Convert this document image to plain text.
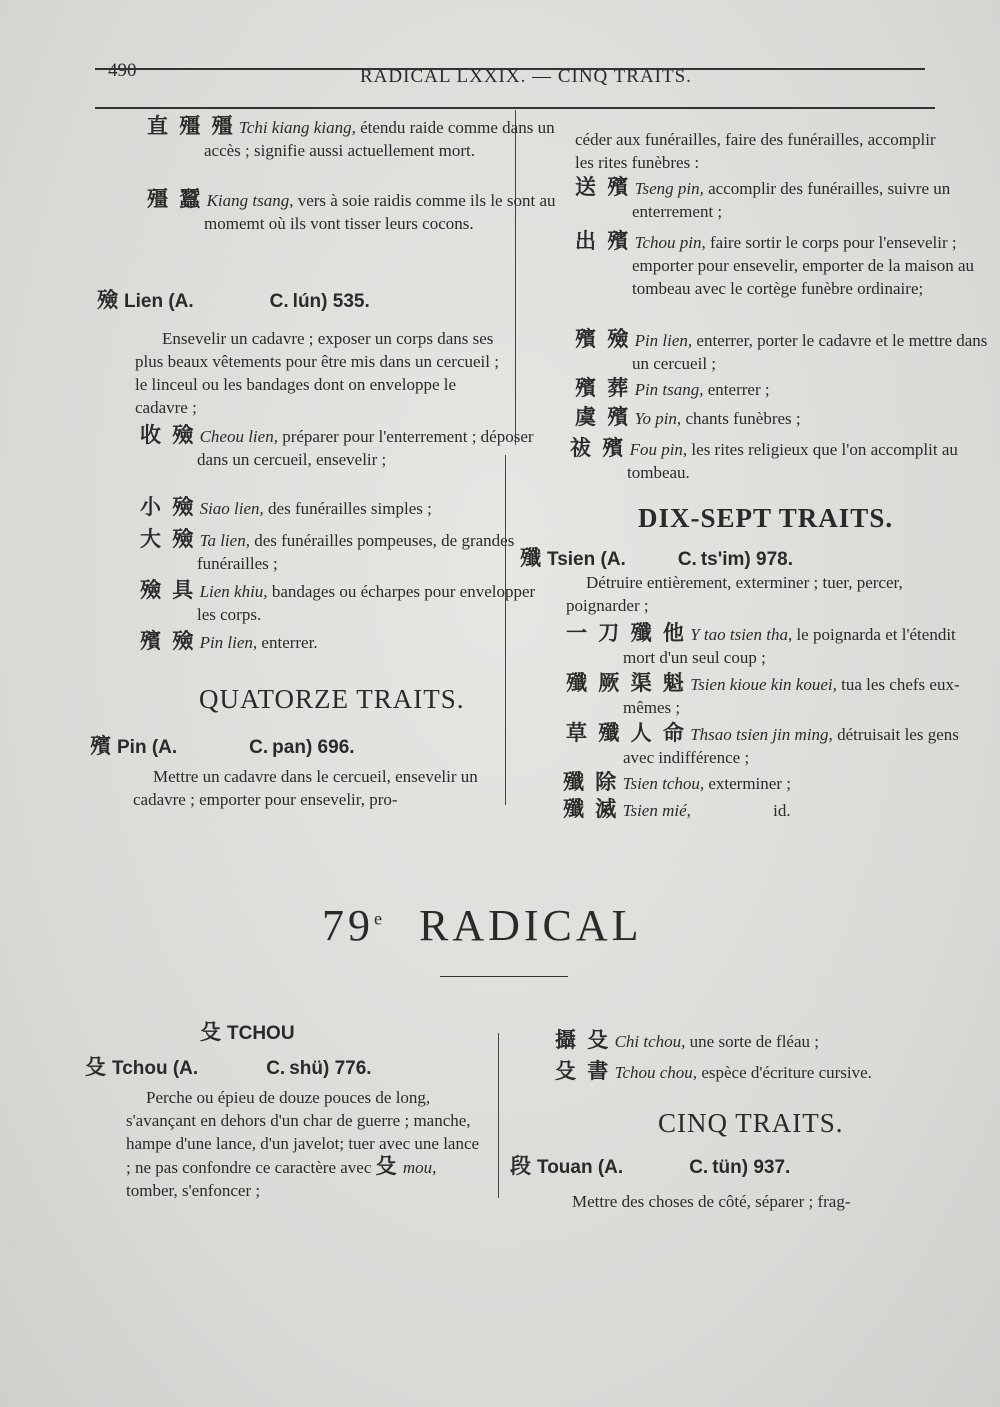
490	RADICAL LXXIX. — CINQ TRAITS.
直 殭 殭 Tchi kiang kiang, étendu raide comme dans un accès ; signifie aussi actuellement mort.
殭 蠶 Kiang tsang, vers à soie raidis comme ils le sont au momemt où ils vont tisser leurs cocons.
殮 Lien (A.	C. lún) 535.
Ensevelir un cadavre ; exposer un corps dans ses plus beaux vêtements pour être mis dans un cercueil ; le linceul ou les bandages dont on enveloppe le cadavre ;
收 殮 Cheou lien, préparer pour l'enterrement ; déposer dans un cercueil, ensevelir ;
小 殮 Siao lien, des funérailles simples ;
大 殮 Ta lien, des funérailles pompeuses, de grandes funérailles ;
殮 具 Lien khiu, bandages ou écharpes pour envelopper les corps.
殯 殮 Pin lien, enterrer.
QUATORZE TRAITS.
殯 Pin (A.	C. pan) 696.
Mettre un cadavre dans le cercueil, ensevelir un cadavre ; emporter pour ensevelir, pro-
céder aux funérailles, faire des funérailles, accomplir les rites funèbres :
送 殯 Tseng pin, accomplir des funérailles, suivre un enterrement ;
出 殯 Tchou pin, faire sortir le corps pour l'ensevelir ; emporter pour ensevelir, emporter de la maison au tombeau avec le cortège funèbre ordinaire;
殯 殮 Pin lien, enterrer, porter le cadavre et le mettre dans un cercueil ;
殯 葬 Pin tsang, enterrer ;
虞 殯 Yo pin, chants funèbres ;
祓 殯 Fou pin, les rites religieux que l'on accomplit au tombeau.
DIX-SEPT TRAITS.
殲 Tsien (A.	C. ts'im) 978.
Détruire entièrement, exterminer ; tuer, percer, poignarder ;
一 刀 殲 他 Y tao tsien tha, le poignarda et l'étendit mort d'un seul coup ;
殲 厥 渠 魁 Tsien kioue kin kouei, tua les chefs eux-mêmes ;
草 殲 人 命 Thsao tsien jin ming, détruisait les gens avec indifférence ;
殲 除 Tsien tchou, exterminer ;
殲 滅 Tsien mié,	id.
79e RADICAL
殳 TCHOU
殳 Tchou (A.	C. shü) 776.
Perche ou épieu de douze pouces de long, s'avançant en dehors d'un char de guerre ; manche, hampe d'une lance, d'un javelot; tuer avec une lance ; ne pas confondre ce caractère avec 殳 mou, tomber, s'enfoncer ;
攝 殳 Chi tchou, une sorte de fléau ;
殳 書 Tchou chou, espèce d'écriture cursive.
CINQ TRAITS.
段 Touan (A.	C. tün) 937.
Mettre des choses de côté, séparer ; frag-
